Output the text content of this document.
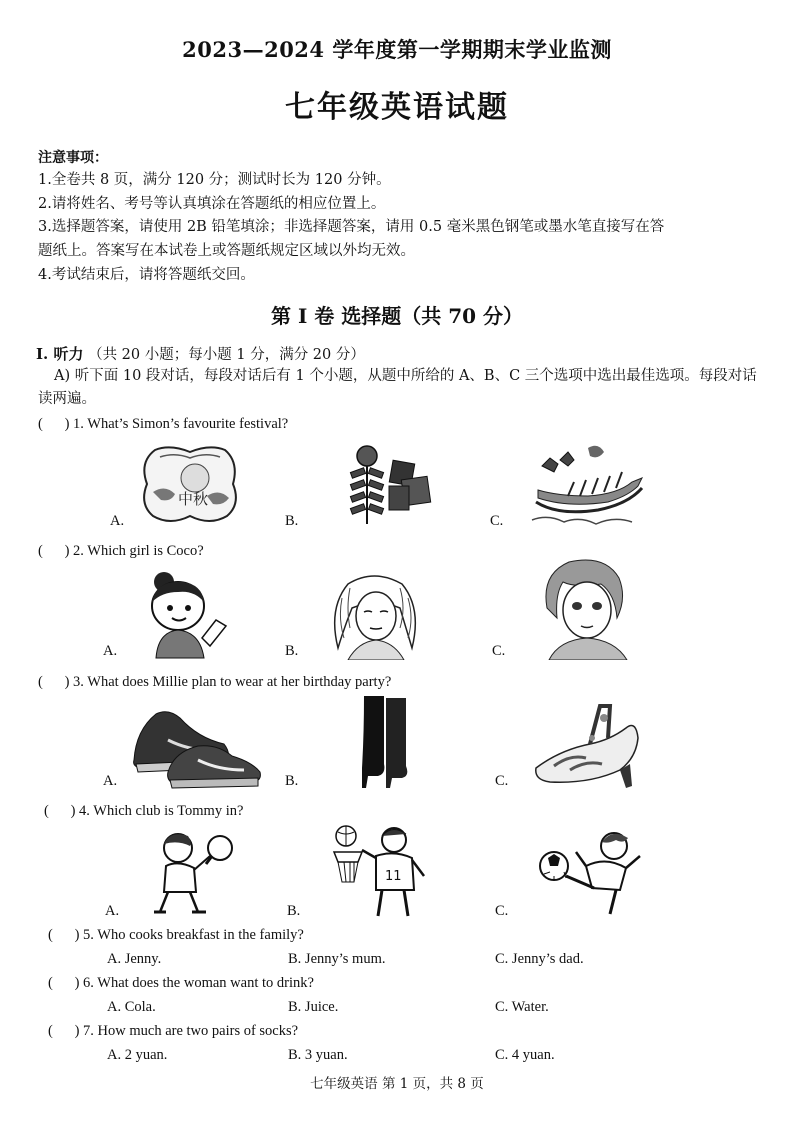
2023—2024 学年度第一学期期末学业监测
七年级英语试题
注意事项：
1.全卷共 8 页，满分 120 分；测试时长为 120 分钟。
2.请将姓名、考号等认真填涂在答题纸的相应位置上。
3.选择题答案，请使用 2B 铅笔填涂；非选择题答案，请用 0.5 毫米黑色钢笔或墨水笔直接写在答
题纸上。答案写在本试卷上或答题纸规定区域以外均无效。
4.考试结束后，请将答题纸交回。
第 I 卷 选择题（共 70 分）
I. 听力 （共 20 小题；每小题 1 分，满分 20 分）
A) 听下面 10 段对话，每段对话后有 1 个小题，从题中所给的 A、B、C 三个选项中选出最佳选项。每段对话读两遍。
(      ) 1. What’s Simon’s favourite festival?
中秋
A.	B.	C.
(      ) 2. Which girl is Coco?
A.	B.	C.
(      ) 3. What does Millie plan to wear at her birthday party?
A.	B.	C.
(      ) 4. Which club is Tommy in?
11
A.	B.	C.
(      ) 5. Who cooks breakfast in the family?
A. Jenny.	B. Jenny’s mum.	C. Jenny’s dad.
(      ) 6. What does the woman want to drink?
A. Cola.	B. Juice.	C. Water.
(      ) 7. How much are two pairs of socks?
A. 2 yuan.	B. 3 yuan.	C. 4 yuan.
七年级英语 第 1 页，共 8 页
